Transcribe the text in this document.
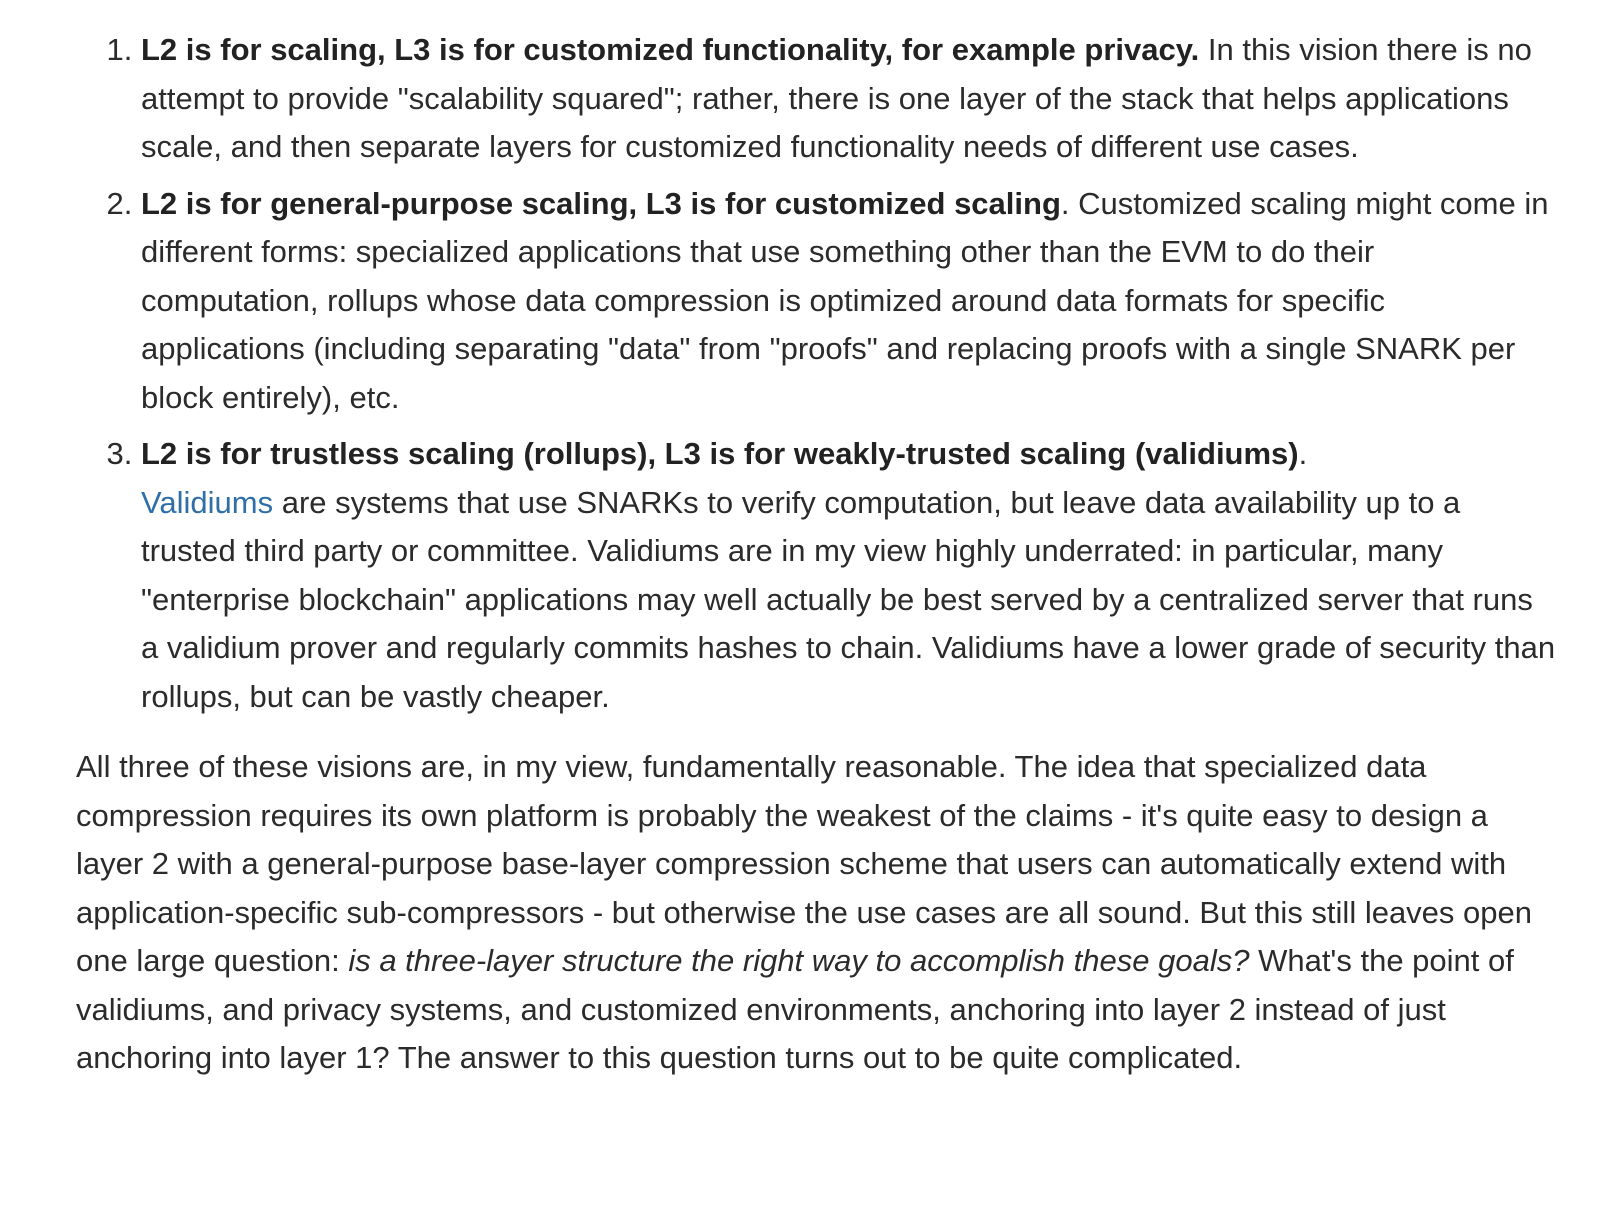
1. L2 is for scaling, L3 is for customized functionality, for example privacy. In this vision there is no attempt to provide "scalability squared"; rather, there is one layer of the stack that helps applications scale, and then separate layers for customized functionality needs of different use cases.
2. L2 is for general-purpose scaling, L3 is for customized scaling. Customized scaling might come in different forms: specialized applications that use something other than the EVM to do their computation, rollups whose data compression is optimized around data formats for specific applications (including separating "data" from "proofs" and replacing proofs with a single SNARK per block entirely), etc.
3. L2 is for trustless scaling (rollups), L3 is for weakly-trusted scaling (validiums).
Validiums are systems that use SNARKs to verify computation, but leave data availability up to a trusted third party or committee. Validiums are in my view highly underrated: in particular, many "enterprise blockchain" applications may well actually be best served by a centralized server that runs a validium prover and regularly commits hashes to chain. Validiums have a lower grade of security than rollups, but can be vastly cheaper.

All three of these visions are, in my view, fundamentally reasonable. The idea that specialized data compression requires its own platform is probably the weakest of the claims - it's quite easy to design a layer 2 with a general-purpose base-layer compression scheme that users can automatically extend with application-specific sub-compressors - but otherwise the use cases are all sound. But this still leaves open one large question: is a three-layer structure the right way to accomplish these goals? What's the point of validiums, and privacy systems, and customized environments, anchoring into layer 2 instead of just anchoring into layer 1? The answer to this question turns out to be quite complicated.
